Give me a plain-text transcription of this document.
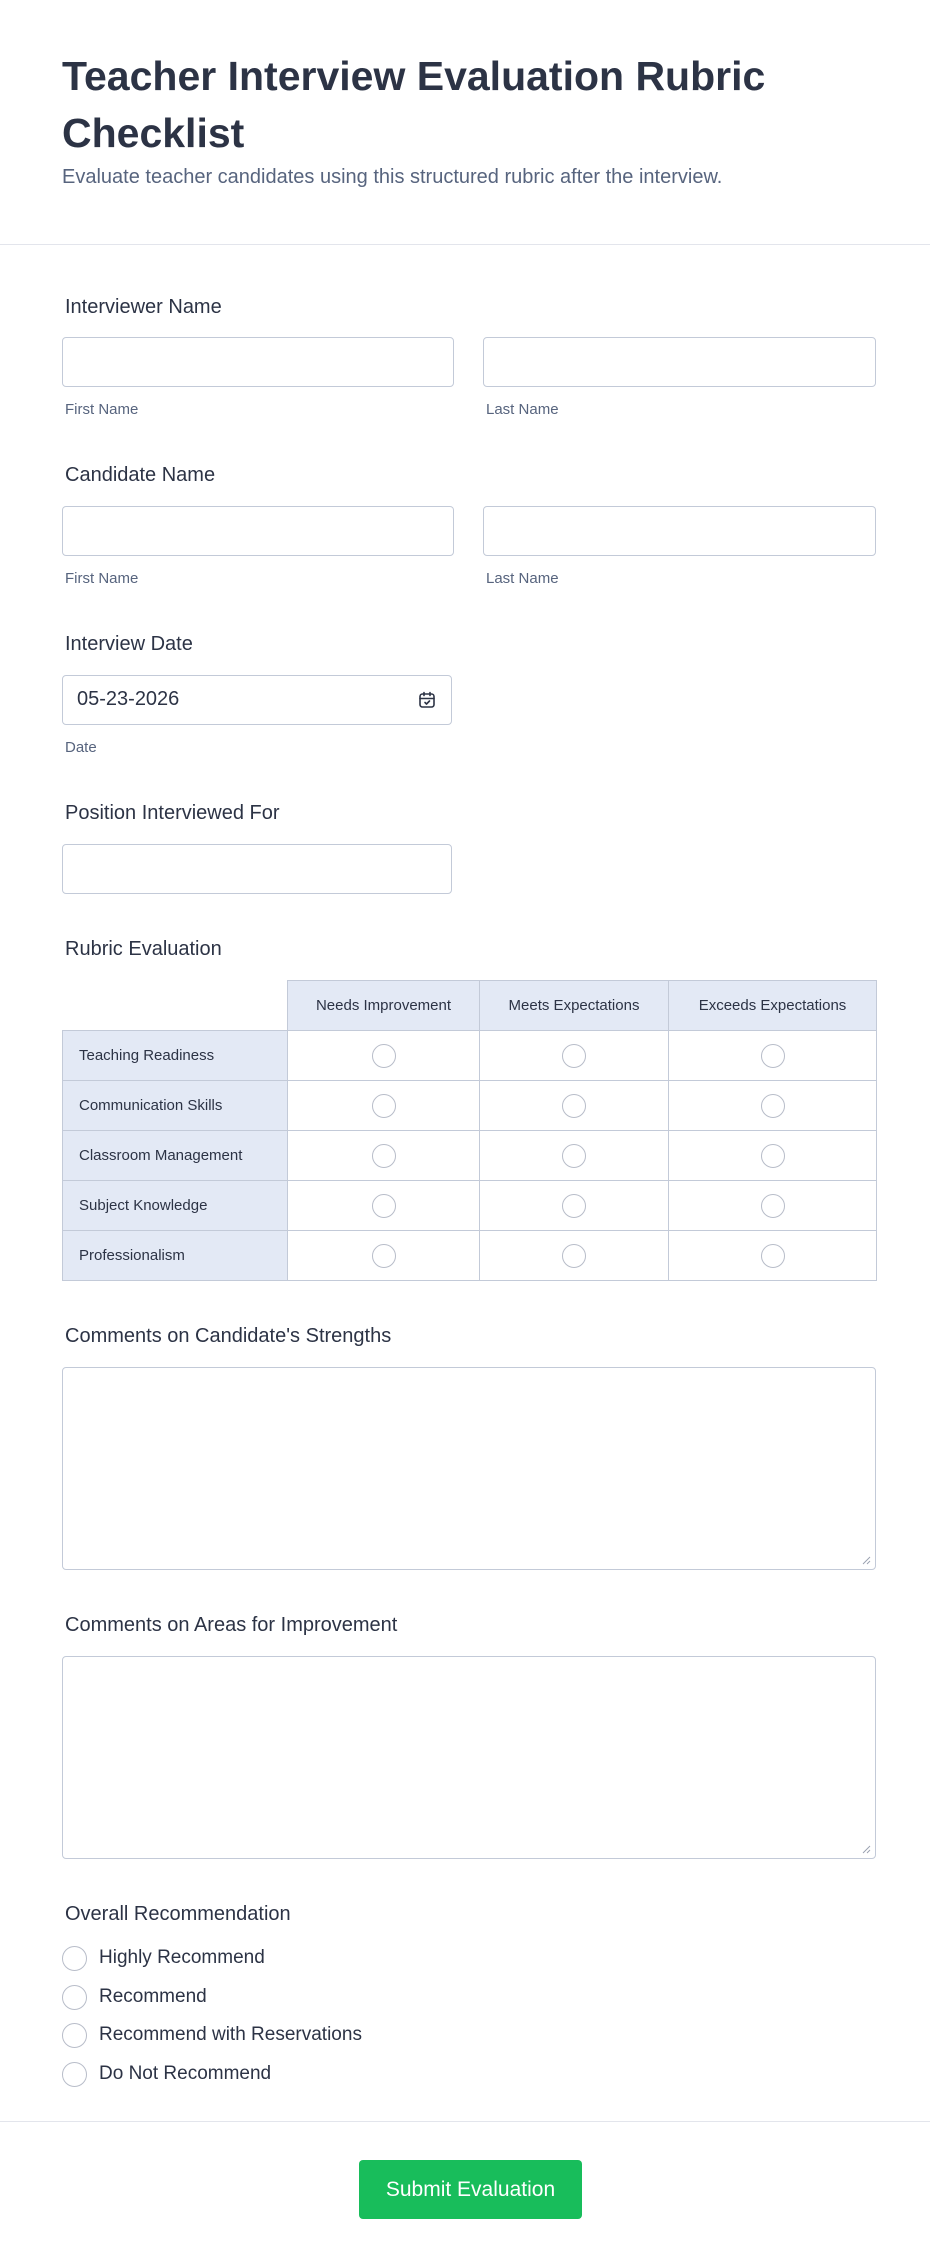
Teacher Interview Evaluation Rubric Checklist

Evaluate teacher candidates using this structured rubric after the interview.

Interviewer Name
First Name	Last Name
Candidate Name
First Name	Last Name
Interview Date
05-23-2026
Date
Position Interviewed For
Rubric Evaluation
	Needs Improvement	Meets Expectations	Exceeds Expectations
Teaching Readiness			
Communication Skills			
Classroom Management			
Subject Knowledge			
Professionalism			
Comments on Candidate's Strengths
Comments on Areas for Improvement
Overall Recommendation
Highly Recommend
Recommend
Recommend with Reservations
Do Not Recommend
Submit Evaluation
